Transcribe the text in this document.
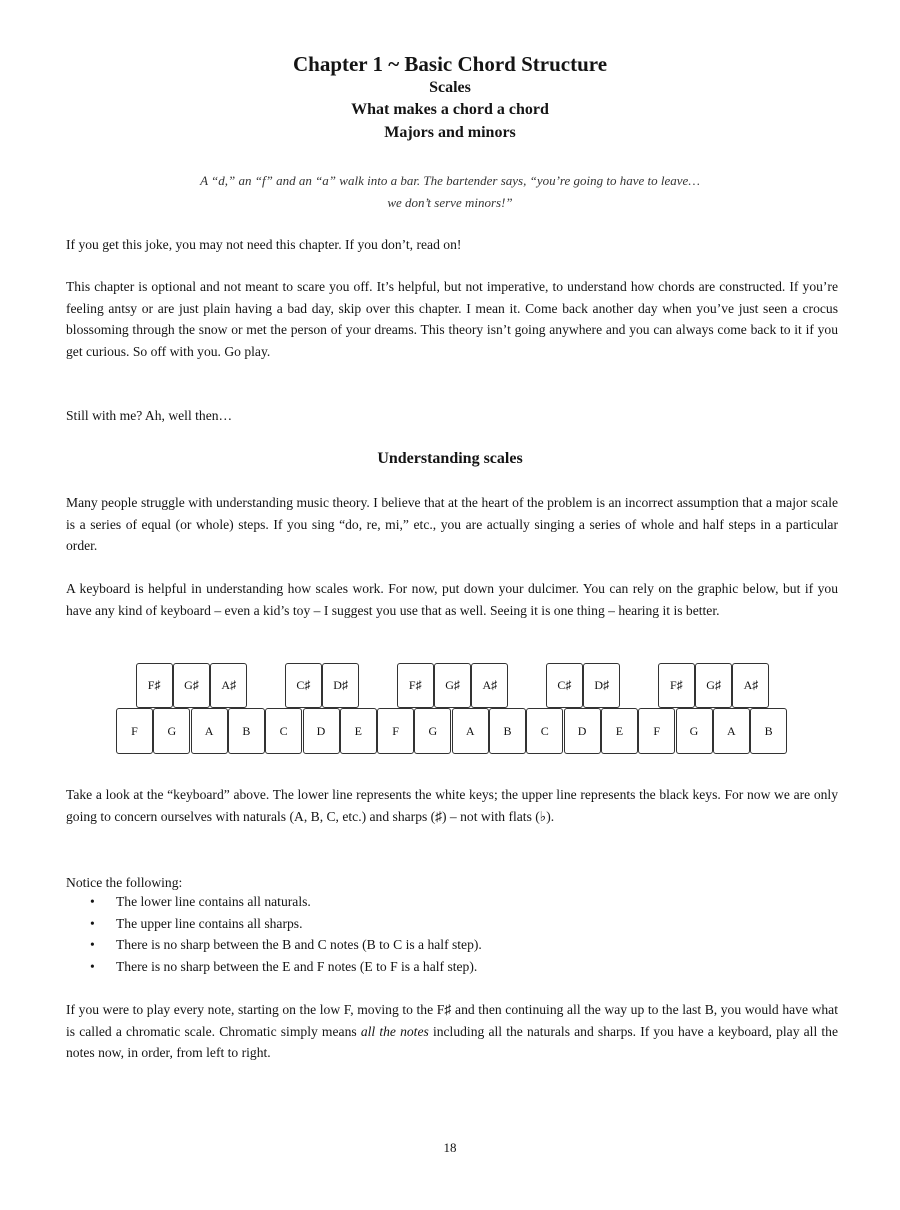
Chapter 1 ~ Basic Chord Structure
Scales
What makes a chord a chord
Majors and minors
A “d,” an “f” and an “a” walk into a bar. The bartender says, “you’re going to have to leave…
we don’t serve minors!”
If you get this joke, you may not need this chapter. If you don’t, read on!
This chapter is optional and not meant to scare you off. It’s helpful, but not imperative, to understand how chords are constructed. If you’re feeling antsy or are just plain having a bad day, skip over this chapter. I mean it. Come back another day when you’ve just seen a crocus blossoming through the snow or met the person of your dreams. This theory isn’t going anywhere and you can always come back to it if you get curious. So off with you. Go play.
Still with me? Ah, well then…
Understanding scales
Many people struggle with understanding music theory. I believe that at the heart of the problem is an incorrect assumption that a major scale is a series of equal (or whole) steps. If you sing “do, re, mi,” etc., you are actually singing a series of whole and half steps in a particular order.
A keyboard is helpful in understanding how scales work. For now, put down your dulcimer. You can rely on the graphic below, but if you have any kind of keyboard – even a kid’s toy – I suggest you use that as well. Seeing it is one thing – hearing it is better.
F	G	A	B	C	D	E	F	G	A	B	C	D	E	F	G	A	B
F♯	G♯	A♯	C♯	D♯	F♯	G♯	A♯	C♯	D♯	F♯	G♯	A♯
Take a look at the “keyboard” above. The lower line represents the white keys; the upper line represents the black keys. For now we are only going to concern ourselves with naturals (A, B, C, etc.) and sharps (♯) – not with flats (♭).
Notice the following:
• The lower line contains all naturals.
• The upper line contains all sharps.
• There is no sharp between the B and C notes (B to C is a half step).
• There is no sharp between the E and F notes (E to F is a half step).
If you were to play every note, starting on the low F, moving to the F♯ and then continuing all the way up to the last B, you would have what is called a chromatic scale. Chromatic simply means all the notes including all the naturals and sharps. If you have a keyboard, play all the notes now, in order, from left to right.
18
